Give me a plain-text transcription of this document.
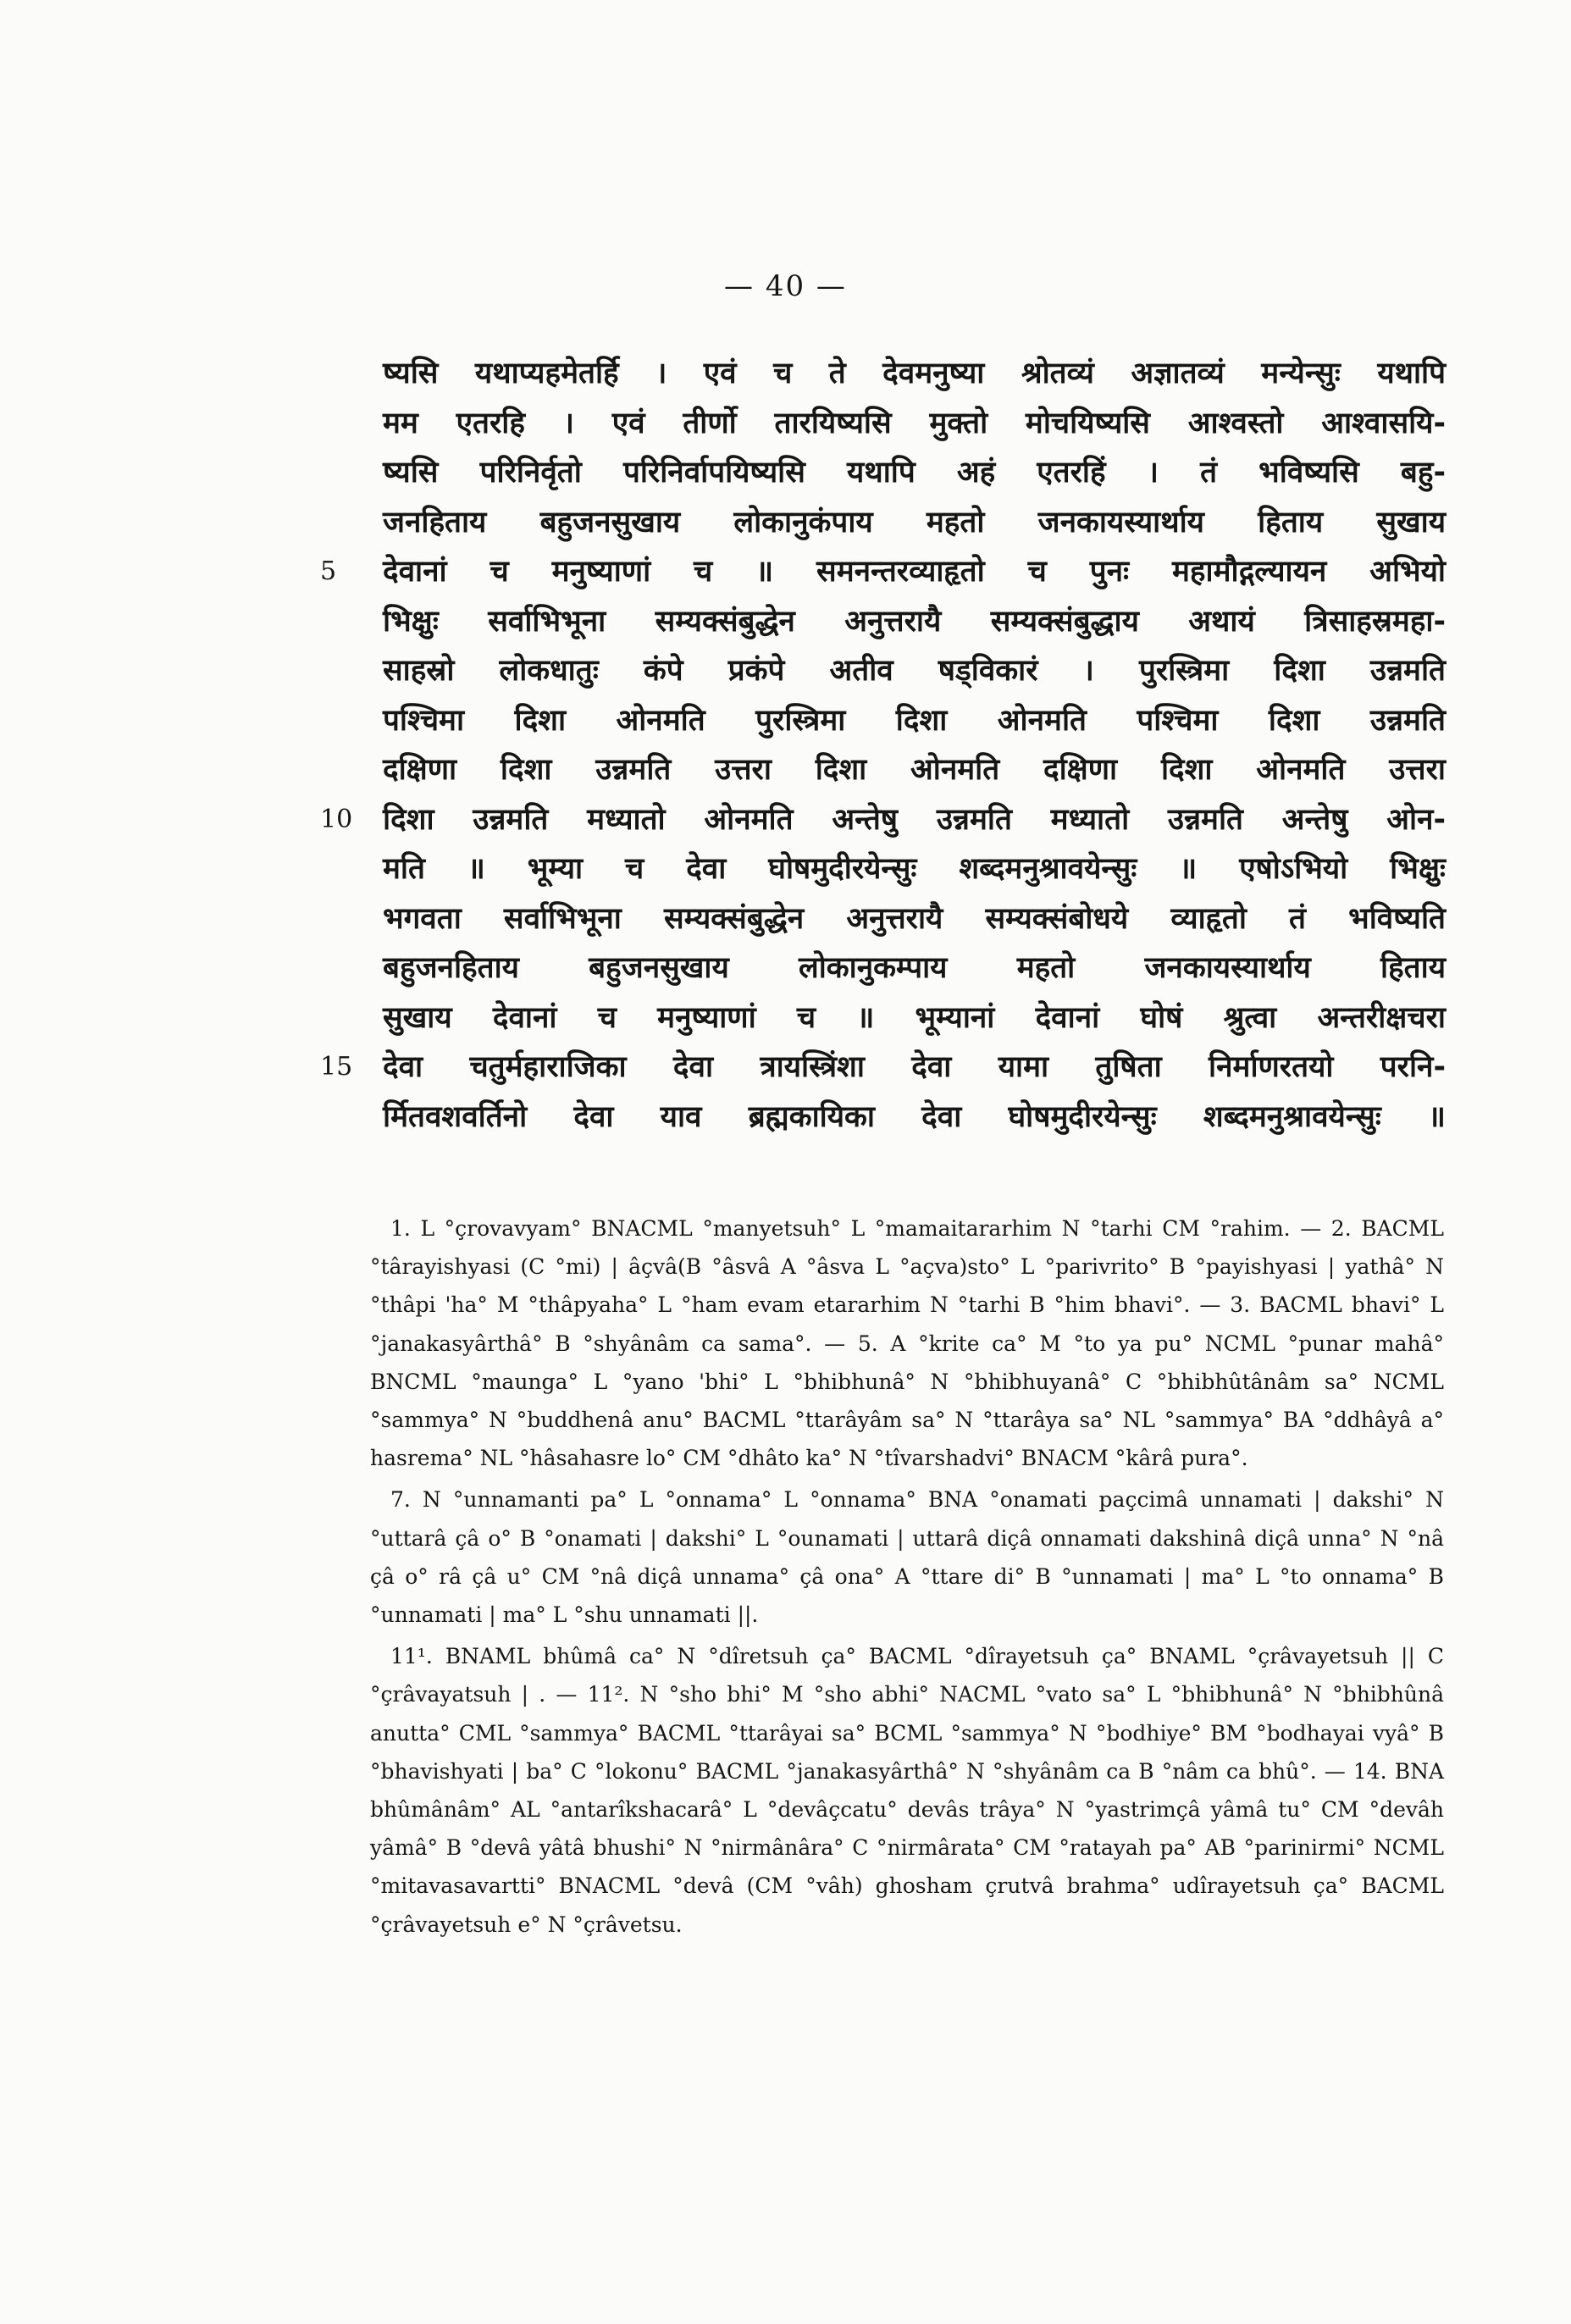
— 40 —
ष्यसि यथाप्यहमेतर्हि । एवं च ते देवमनुष्या श्रोतव्यं अज्ञातव्यं मन्येन्सुः यथापि
मम एतरहि । एवं तीर्णो तारयिष्यसि मुक्तो मोचयिष्यसि आश्वस्तो आश्वासयि-
ष्यसि परिनिर्वृतो परिनिर्वापयिष्यसि यथापि अहं एतरहिं । तं भविष्यसि बहु-
जनहिताय बहुजनसुखाय लोकानुकंपाय महतो जनकायस्यार्थाय हिताय सुखाय
5	देवानां च मनुष्याणां च ॥ समनन्तरव्याहृतो च पुनः महामौद्गल्यायन अभियो
भिक्षुः सर्वाभिभूना सम्यक्संबुद्धेन अनुत्तरायै सम्यक्संबुद्धाय अथायं त्रिसाहस्रमहा-
साहस्रो लोकधातुः कंपे प्रकंपे अतीव षड्विकारं । पुरस्त्रिमा दिशा उन्नमति
पश्चिमा दिशा ओनमति पुरस्त्रिमा दिशा ओनमति पश्चिमा दिशा उन्नमति
दक्षिणा दिशा उन्नमति उत्तरा दिशा ओनमति दक्षिणा दिशा ओनमति उत्तरा
10 दिशा उन्नमति मध्यातो ओनमति अन्तेषु उन्नमति मध्यातो उन्नमति अन्तेषु ओन-
मति ॥ भूम्या च देवा घोषमुदीरयेन्सुः शब्दमनुश्रावयेन्सुः ॥ एषोऽभियो भिक्षुः
भगवता सर्वाभिभूना सम्यक्संबुद्धेन अनुत्तरायै सम्यक्संबोधये व्याहृतो तं भविष्यति
बहुजनहिताय बहुजनसुखाय लोकानुकम्पाय महतो जनकायस्यार्थाय हिताय
सुखाय देवानां च मनुष्याणां च ॥ भूम्यानां देवानां घोषं श्रुत्वा अन्तरीक्षचरा
15 देवा चतुर्महाराजिका देवा त्रायस्त्रिंशा देवा यामा तुषिता निर्माणरतयो परनि-
र्मितवशवर्तिनो देवा याव ब्रह्मकायिका देवा घोषमुदीरयेन्सुः शब्दमनुश्रावयेन्सुः ॥

1. L °çrovavyam° BNACML °manyetsuh° L °mamaitararhim N °tarhi CM °rahim. — 2. BACML °târayishyasi (C °mi) | âçvâ(B °âsvâ A °âsva L °açva)sto° L °parivrito° B °payishyasi | yathâ° N °thâpi 'ha° M °thâpyaha° L °ham evam etararhim N °tarhi B °him bhavi°. — 3. BACML bhavi° L °janakasyârthâ° B °shyânâm ca sama°. — 5. A °krite ca° M °to ya pu° NCML °punar mahâ° BNCML °maunga° L °yano 'bhi° L °bhibhunâ° N °bhibhuyanâ° C °bhibhûtânâm sa° NCML °sammya° N °buddhenâ anu° BACML °ttarâyâm sa° N °ttarâya sa° NL °sammya° BA °ddhâyâ a° hasrema° NL °hâsahasre lo° CM °dhâto ka° N °tîvarshadvi° BNACM °kârâ pura°.

7. N °unnamanti pa° L °onnama° L °onnama° BNA °onamati paçcimâ unnamati | dakshi° N °uttarâ çâ o° B °onamati | dakshi° L °ounamati | uttarâ diçâ onnamati dakshinâ diçâ unna° N °nâ çâ o° râ çâ u° CM °nâ diçâ unnama° çâ ona° A °ttare di° B °unnamati | ma° L °to onnama° B °unnamati | ma° L °shu unnamati ||.

11¹. BNAML bhûmâ ca° N °dîretsuh ça° BACML °dîrayetsuh ça° BNAML °çrâvayetsuh || C °çrâvayatsuh | . — 11². N °sho bhi° M °sho abhi° NACML °vato sa° L °bhibhunâ° N °bhibhûnâ anutta° CML °sammya° BACML °ttarâyai sa° BCML °sammya° N °bodhiye° BM °bodhayai vyâ° B °bhavishyati | ba° C °lokonu° BACML °janakasyârthâ° N °shyânâm ca B °nâm ca bhû°. — 14. BNA bhûmânâm° AL °antarîkshacarâ° L °devâçcatu° devâs trâya° N °yastrimçâ yâmâ tu° CM °devâh yâmâ° B °devâ yâtâ bhushi° N °nirmânâra° C °nirmârata° CM °ratayah pa° AB °parinirmi° NCML °mitavasavartti° BNACML °devâ (CM °vâh) ghosham çrutvâ brahma° udîrayetsuh ça° BACML °çrâvayetsuh e° N °çrâvetsu.
